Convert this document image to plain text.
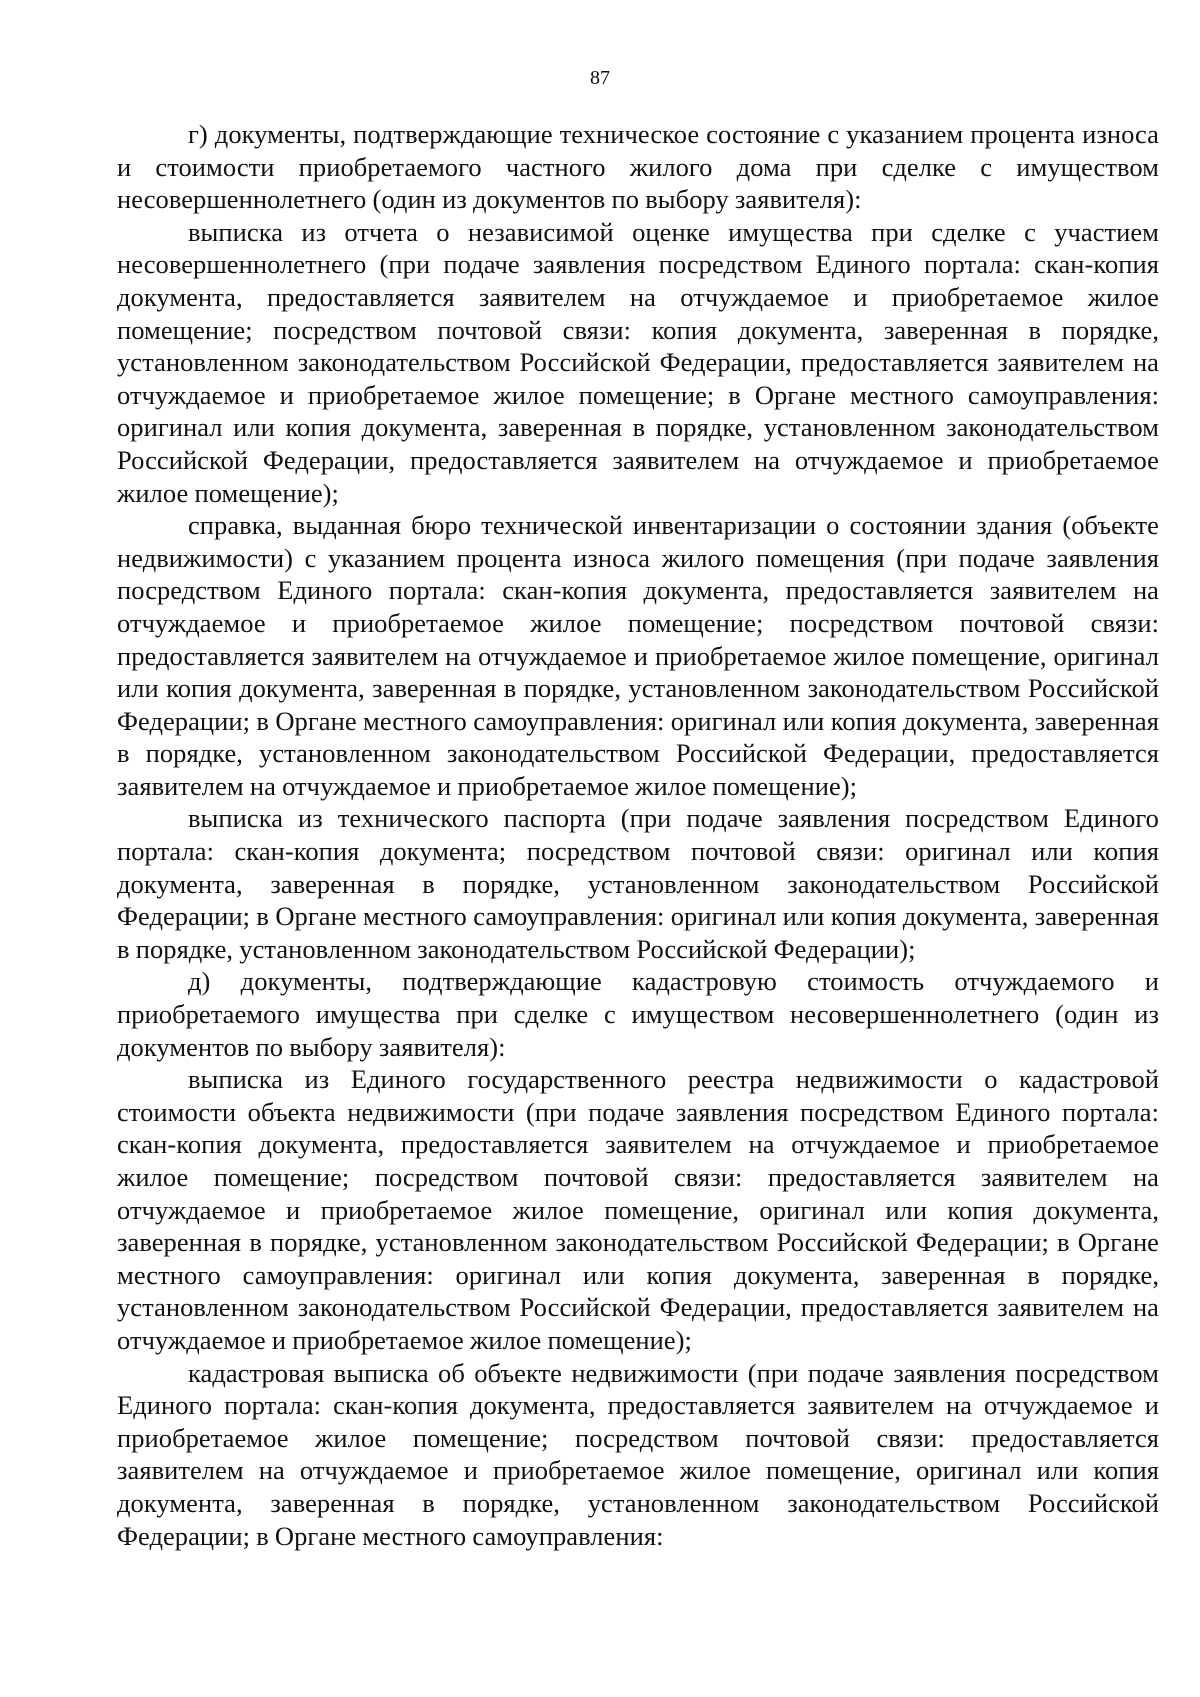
87

г) документы, подтверждающие техническое состояние с указанием процента износа и стоимости приобретаемого частного жилого дома при сделке с имуществом несовершеннолетнего (один из документов по выбору заявителя):

выписка из отчета о независимой оценке имущества при сделке с участием несовершеннолетнего (при подаче заявления посредством Единого портала: скан-копия документа, предоставляется заявителем на отчуждаемое и приобретаемое жилое помещение; посредством почтовой связи: копия документа, заверенная в порядке, установленном законодательством Российской Федерации, предоставляется заявителем на отчуждаемое и приобретаемое жилое помещение; в Органе местного самоуправления: оригинал или копия документа, заверенная в порядке, установленном законодательством Российской Федерации, предоставляется заявителем на отчуждаемое и приобретаемое жилое помещение);

справка, выданная бюро технической инвентаризации о состоянии здания (объекте недвижимости) с указанием процента износа жилого помещения (при подаче заявления посредством Единого портала: скан-копия документа, предоставляется заявителем на отчуждаемое и приобретаемое жилое помещение; посредством почтовой связи: предоставляется заявителем на отчуждаемое и приобретаемое жилое помещение, оригинал или копия документа, заверенная в порядке, установленном законодательством Российской Федерации; в Органе местного самоуправления: оригинал или копия документа, заверенная в порядке, установленном законодательством Российской Федерации, предоставляется заявителем на отчуждаемое и приобретаемое жилое помещение);

выписка из технического паспорта (при подаче заявления посредством Единого портала: скан-копия документа; посредством почтовой связи: оригинал или копия документа, заверенная в порядке, установленном законодательством Российской Федерации; в Органе местного самоуправления: оригинал или копия документа, заверенная в порядке, установленном законодательством Российской Федерации);

д) документы, подтверждающие кадастровую стоимость отчуждаемого и приобретаемого имущества при сделке с имуществом несовершеннолетнего (один из документов по выбору заявителя):

выписка из Единого государственного реестра недвижимости о кадастровой стоимости объекта недвижимости (при подаче заявления посредством Единого портала: скан-копия документа, предоставляется заявителем на отчуждаемое и приобретаемое жилое помещение; посредством почтовой связи: предоставляется заявителем на отчуждаемое и приобретаемое жилое помещение, оригинал или копия документа, заверенная в порядке, установленном законодательством Российской Федерации; в Органе местного самоуправления: оригинал или копия документа, заверенная в порядке, установленном законодательством Российской Федерации, предоставляется заявителем на отчуждаемое и приобретаемое жилое помещение);

кадастровая выписка об объекте недвижимости (при подаче заявления посредством Единого портала: скан-копия документа, предоставляется заявителем на отчуждаемое и приобретаемое жилое помещение; посредством почтовой связи: предоставляется заявителем на отчуждаемое и приобретаемое жилое помещение, оригинал или копия документа, заверенная в порядке, установленном законодательством Российской Федерации; в Органе местного самоуправления:
